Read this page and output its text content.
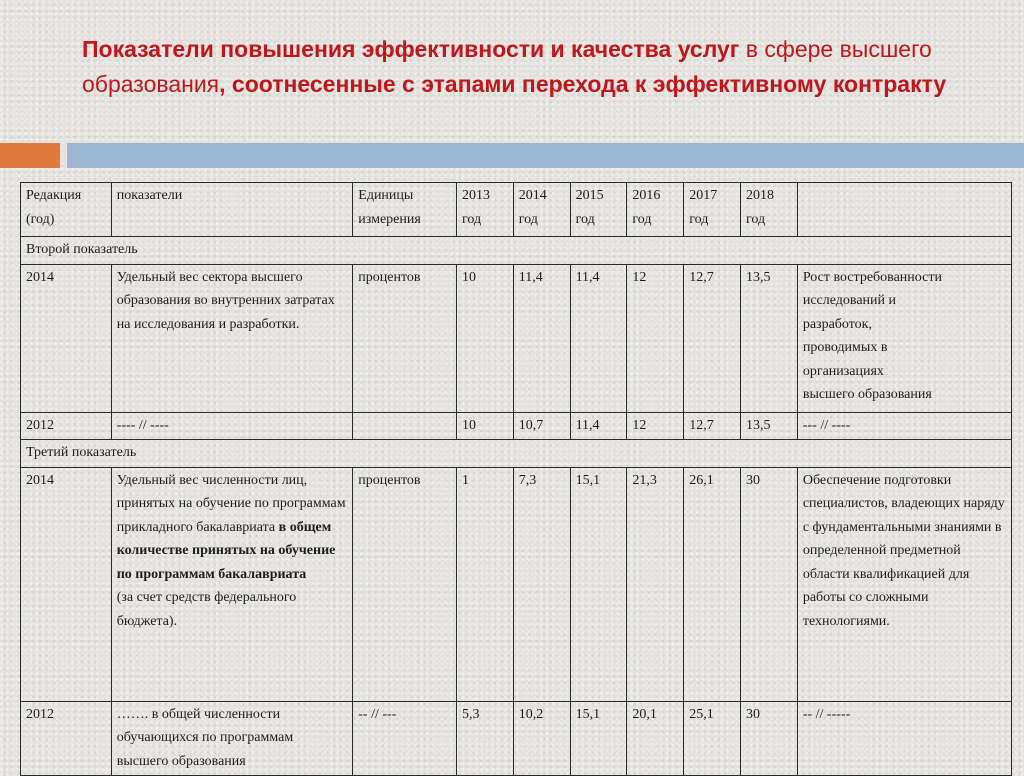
Показатели повышения эффективности и качества услуг в сфере высшего образования, соотнесенные с этапами перехода к эффективному контракту
Редакция (год)	показатели	Единицы измерения	2013 год	2014 год	2015 год	2016 год	2017 год	2018 год	
Второй показатель									
2014	Удельный вес сектора высшего образования во внутренних затратах на исследования и разработки.	процентов	10	11,4	11,4	12	12,7	13,5	Рост востребованности исследований и
разработок,
проводимых в
организациях
высшего образования
2012	---- // ----		10	10,7	11,4	12	12,7	13,5	--- // ----
Третий показатель									
2014	Удельный вес численности лиц,
принятых на обучение по программам прикладного бакалавриата в общем количестве принятых на обучение по программам бакалавриата
(за счет средств федерального бюджета).	процентов	1	7,3	15,1	21,3	26,1	30	Обеспечение подготовки специалистов, владеющих наряду с фундаментальными знаниями в определенной предметной области квалификацией для работы со сложными технологиями.
2012	……. в общей численности обучающихся по программам высшего образования	-- // ---	5,3	10,2	15,1	20,1	25,1	30	-- // -----
